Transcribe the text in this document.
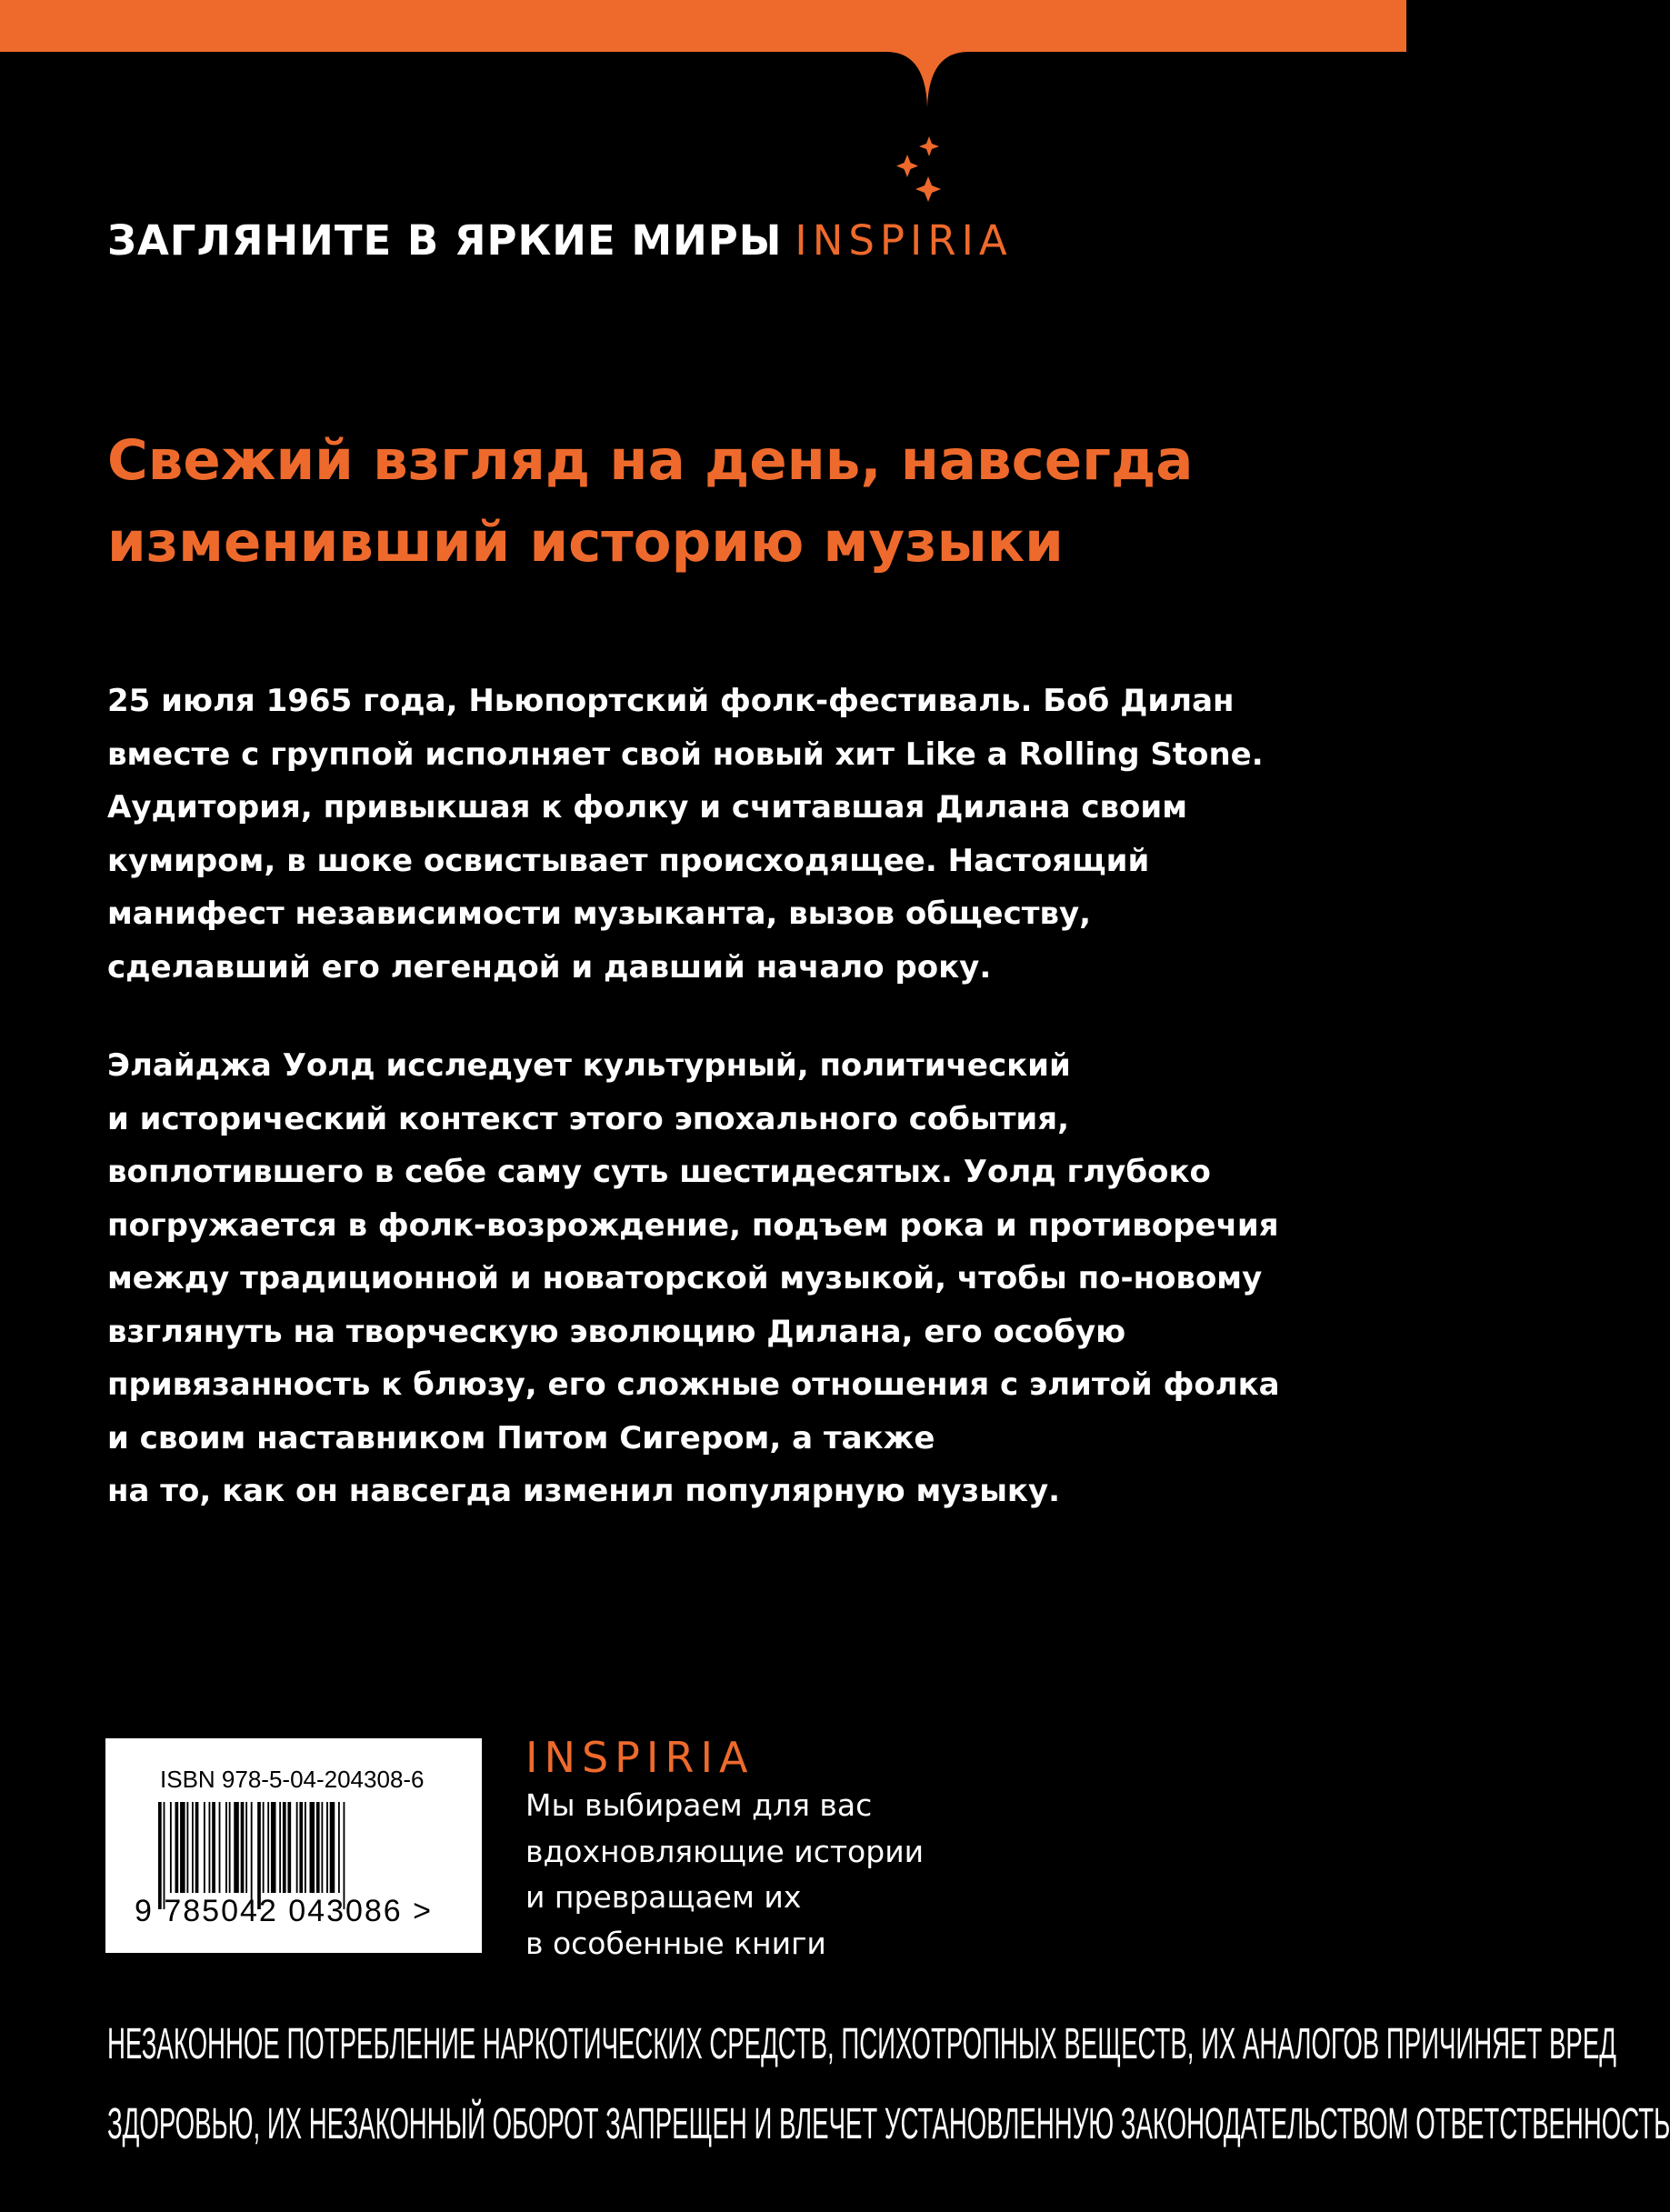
ЗАГЛЯНИТЕ В ЯРКИЕ МИРЫ INSPIRIA
Свежий взгляд на день, навсегда
изменивший историю музыки

25 июля 1965 года, Ньюпортский фолк-фестиваль. Боб Дилан
вместе с группой исполняет свой новый хит Like a Rolling Stone.
Аудитория, привыкшая к фолку и считавшая Дилана своим
кумиром, в шоке освистывает происходящее. Настоящий
манифест независимости музыканта, вызов обществу,
сделавший его легендой и давший начало року.

Элайджа Уолд исследует культурный, политический
и исторический контекст этого эпохального события,
воплотившего в себе саму суть шестидесятых. Уолд глубоко
погружается в фолк-возрождение, подъем рока и противоречия
между традиционной и новаторской музыкой, чтобы по-новому
взглянуть на творческую эволюцию Дилана, его особую
привязанность к блюзу, его сложные отношения с элитой фолка
и своим наставником Питом Сигером, а также
на то, как он навсегда изменил популярную музыку.

ISBN 978-5-04-204308-6
9 785042 043086 >
INSPIRIA
Мы выбираем для вас
вдохновляющие истории
и превращаем их
в особенные книги
НЕЗАКОННОЕ ПОТРЕБЛЕНИЕ НАРКОТИЧЕСКИХ СРЕДСТВ, ПСИХОТРОПНЫХ ВЕЩЕСТВ, ИХ АНАЛОГОВ ПРИЧИНЯЕТ ВРЕД
ЗДОРОВЬЮ, ИХ НЕЗАКОННЫЙ ОБОРОТ ЗАПРЕЩЕН И ВЛЕЧЕТ УСТАНОВЛЕННУЮ ЗАКОНОДАТЕЛЬСТВОМ ОТВЕТСТВЕННОСТЬ
